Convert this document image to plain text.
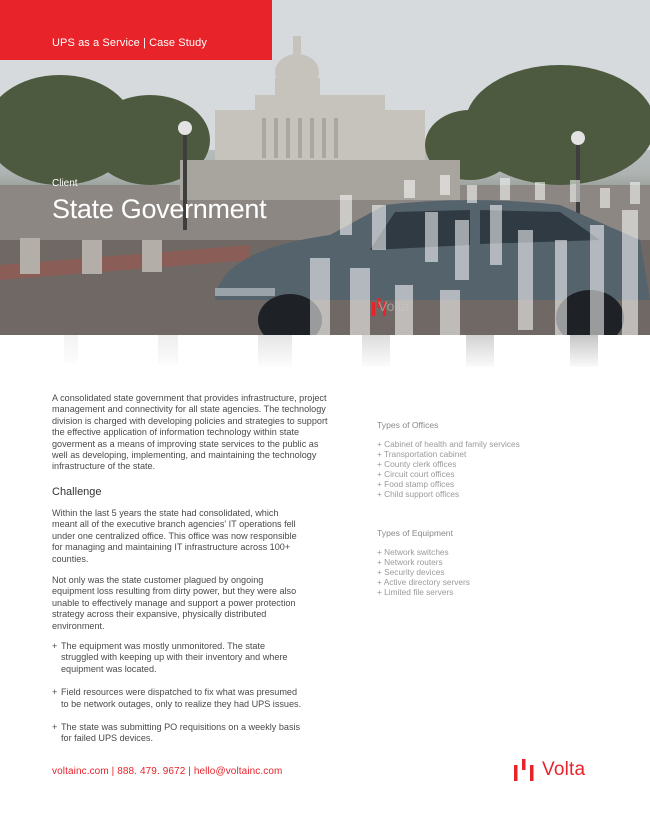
UPS as a Service | Case Study
Client
State Government
Volta

A consolidated state government that provides infrastructure, project management and connectivity for all state agencies. The technology division is charged with developing policies and strategies to support the effective application of information technology within state goverment as a means of improving state services to the public as well as developing, implementing, and maintaining the technology infrastructure of the state.

Challenge

Within the last 5 years the state had consolidated, which meant all of the executive branch agencies' IT operations fell under one centralized office. This office was now responsible for managing and maintaining IT infrastructure across 100+ counties.

Not only was the state customer plagued by ongoing equipment loss resulting from dirty power, but they were also unable to effectively manage and support a power protection strategy across their expansive, physically distributed environment.

+ The equipment was mostly unmonitored. The state struggled with keeping up with their inventory and where equipment was located.
+ Field resources were dispatched to fix what was presumed to be network outages, only to realize they had UPS issues.
+ The state was submitting PO requisitions on a weekly basis for failed UPS devices.
Types of Offices
+ Cabinet of health and family services
+ Transportation cabinet
+ County clerk offices
+ Circuit court offices
+ Food stamp offices
+ Child support offices
Types of Equipment
+ Network switches
+ Network routers
+ Security devices
+ Active directory servers
+ Limited file servers
voltainc.com | 888. 479. 9672 | hello@voltainc.com	Volta
